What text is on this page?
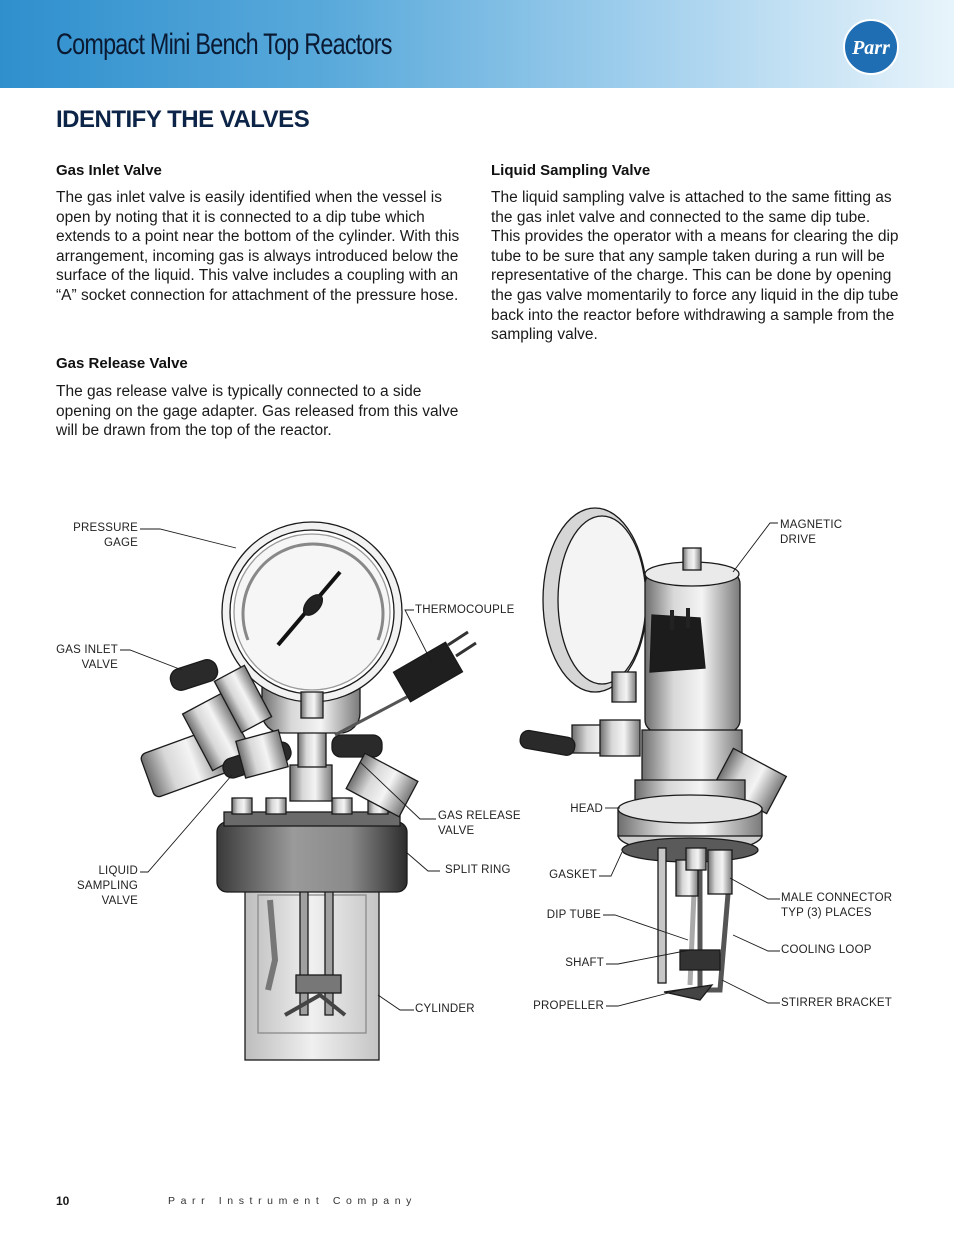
Compact Mini Bench Top Reactors	Parr
IDENTIFY THE VALVES
Gas Inlet Valve
The gas inlet valve is easily identified when the vessel is open by noting that it is connected to a dip tube which extends to a point near the bottom of the cylinder. With this arrangement, incoming gas is always introduced below the surface of the liquid. This valve includes a coupling with an “A” socket connection for attachment of the pressure hose.
Gas Release Valve
The gas release valve is typically connected to a side opening on the gage adapter. Gas released from this valve will be drawn from the top of the reactor.
Liquid Sampling Valve
The liquid sampling valve is attached to the same fitting as the gas inlet valve and connected to the same dip tube. This provides the operator with a means for clearing the dip tube to be sure that any sample taken during a run will be representative of the charge. This can be done by opening the gas valve momentarily to force any liquid in the dip tube back into the reactor before withdrawing a sample from the sampling valve.
PRESSURE
GAGE
GAS INLET
VALVE
LIQUID
SAMPLING
VALVE
THERMOCOUPLE
GAS RELEASE
VALVE
SPLIT RING
CYLINDER
MAGNETIC
DRIVE
HEAD
GASKET
DIP TUBE
SHAFT
PROPELLER
MALE CONNECTOR
TYP (3) PLACES
COOLING LOOP
STIRRER BRACKET
10	Parr Instrument Company
